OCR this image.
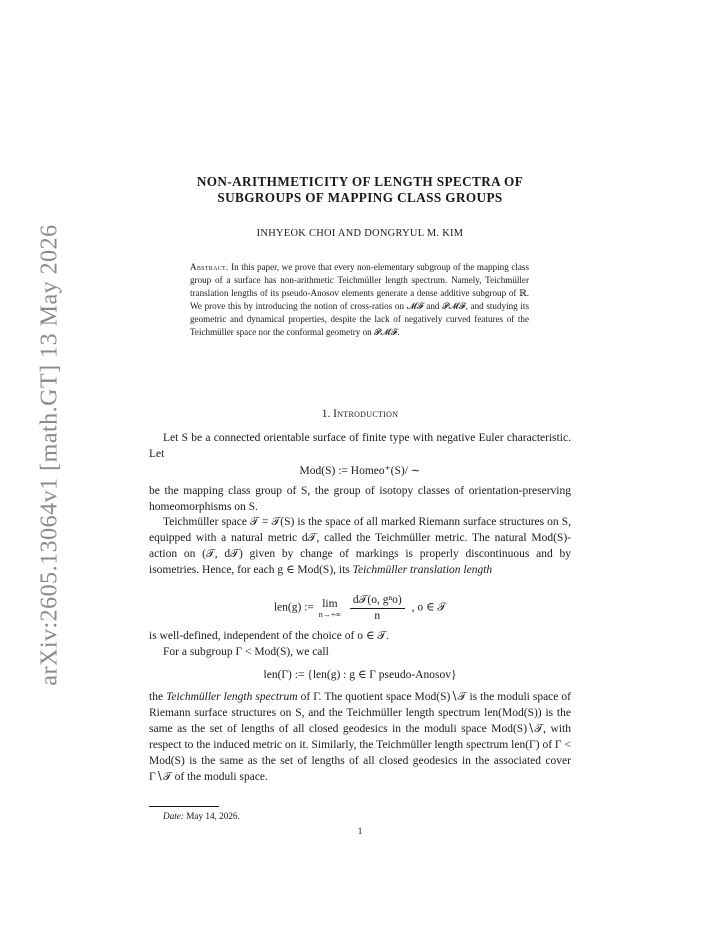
arXiv:2605.13064v1 [math.GT] 13 May 2026
NON-ARITHMETICITY OF LENGTH SPECTRA OF
SUBGROUPS OF MAPPING CLASS GROUPS
INHYEOK CHOI AND DONGRYUL M. KIM
Abstract. In this paper, we prove that every non-elementary subgroup of the mapping class group of a surface has non-arithmetic Teichmüller length spectrum. Namely, Teichmüller translation lengths of its pseudo-Anosov elements generate a dense additive subgroup of ℝ. We prove this by introducing the notion of cross-ratios on 𝓜𝓕 and 𝓟𝓜𝓕, and studying its geometric and dynamical properties, despite the lack of negatively curved features of the Teichmüller space nor the conformal geometry on 𝓟𝓜𝓕.
1. Introduction
Let S be a connected orientable surface of finite type with negative Euler characteristic. Let
Mod(S) := Homeo⁺(S)/ ∼
be the mapping class group of S, the group of isotopy classes of orientation-preserving homeomorphisms on S.
Teichmüller space 𝒯 = 𝒯(S) is the space of all marked Riemann surface structures on S, equipped with a natural metric d𝒯, called the Teichmüller metric. The natural Mod(S)-action on (𝒯, d𝒯) given by change of markings is properly discontinuous and by isometries. Hence, for each g ∈ Mod(S), its Teichmüller translation length
len(g) := lim
n→+∞
$\frac{\text{d𝒯(o, gⁿo)}}{n}$ , o ∈ 𝒯
is well-defined, independent of the choice of o ∈ 𝒯.
For a subgroup Γ < Mod(S), we call
len(Γ) := {len(g) : g ∈ Γ pseudo-Anosov}
the Teichmüller length spectrum of Γ. The quotient space Mod(S)∖𝒯 is the moduli space of Riemann surface structures on S, and the Teichmüller length spectrum len(Mod(S)) is the same as the set of lengths of all closed geodesics in the moduli space Mod(S)∖𝒯, with respect to the induced metric on it. Similarly, the Teichmüller length spectrum len(Γ) of Γ < Mod(S) is the same as the set of lengths of all closed geodesics in the associated cover Γ∖𝒯 of the moduli space.
Date: May 14, 2026.
1
